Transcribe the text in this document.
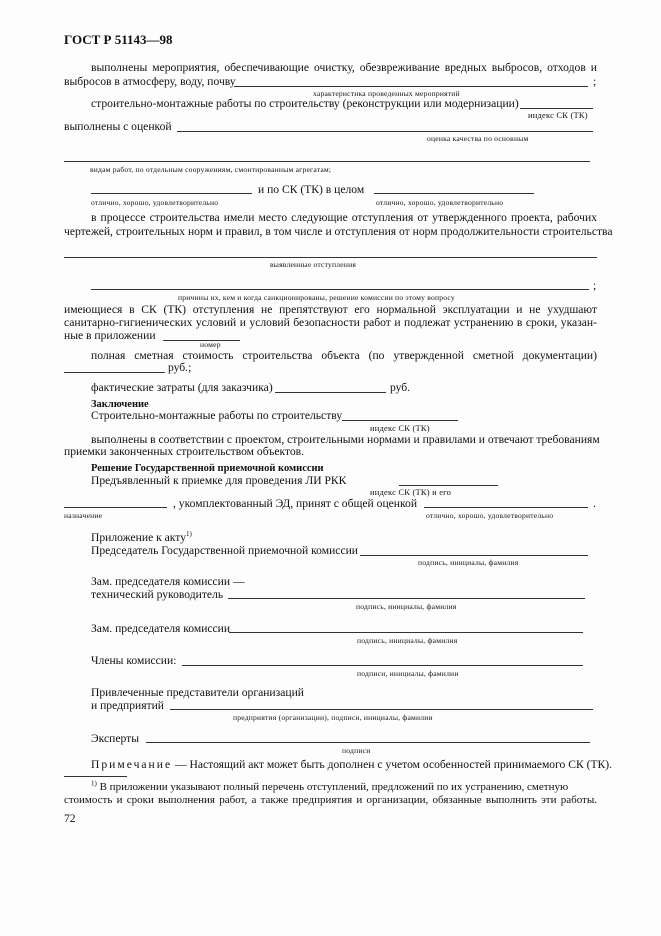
ГОСТ Р 51143—98
выполнены мероприятия, обеспечивающие очистку, обезвреживание вредных выбросов, отходов и
выбросов в атмосферу, воду, почву	;
характеристика проведенных мероприятий
строительно-монтажные работы по строительству (реконструкции или модернизации)
индекс СК (ТК)
выполнены с оценкой
оценка качества по основным
видам работ, по отдельным сооружениям, смонтированным агрегатам;
и по СК (ТК) в целом
отлично, хорошо, удовлетворительно	отлично, хорошо, удовлетворительно
в процессе строительства имели место следующие отступления от утвержденного проекта, рабочих
чертежей, строительных норм и правил, в том числе и отступления от норм продолжительности строительства
выявленные отступления
;
причины их, кем и когда санкционированы, решение комиссии по этому вопросу
имеющиеся в СК (ТК) отступления не препятствуют его нормальной эксплуатации и не ухудшают
санитарно-гигиенических условий и условий безопасности работ и подлежат устранению в сроки, указан-
ные в приложении
номер
полная сметная стоимость строительства объекта (по утвержденной сметной документации)
руб.;
фактические затраты (для заказчика)	руб.
Заключение
Строительно-монтажные работы по строительству
индекс СК (ТК)
выполнены в соответствии с проектом, строительными нормами и правилами и отвечают требованиям
приемки законченных строительством объектов.
Решение Государственной приемочной комиссии
Предъявленный к приемке для проведения ЛИ РКК
индекс СК (ТК) и его
, укомплектованный ЭД, принят с общей оценкой	.
назначение	отлично, хорошо, удовлетворительно
Приложение к акту$^{1)}$
Председатель Государственной приемочной комиссии
подпись, инициалы, фамилия
Зам. председателя комиссии —
технический руководитель
подпись, инициалы, фамилия
Зам. председателя комиссии
подпись, инициалы, фамилия
Члены комиссии:
подписи, инициалы, фамилии
Привлеченные представители организаций
и предприятий
предприятия (организации), подписи, инициалы, фамилии
Эксперты
подписи
Примечание — Настоящий акт может быть дополнен с учетом особенностей принимаемого СК (ТК).
$^{1)}$ В приложении указывают полный перечень отступлений, предложений по их устранению, сметную
стоимость и сроки выполнения работ, а также предприятия и организации, обязанные выполнить эти работы.
72
